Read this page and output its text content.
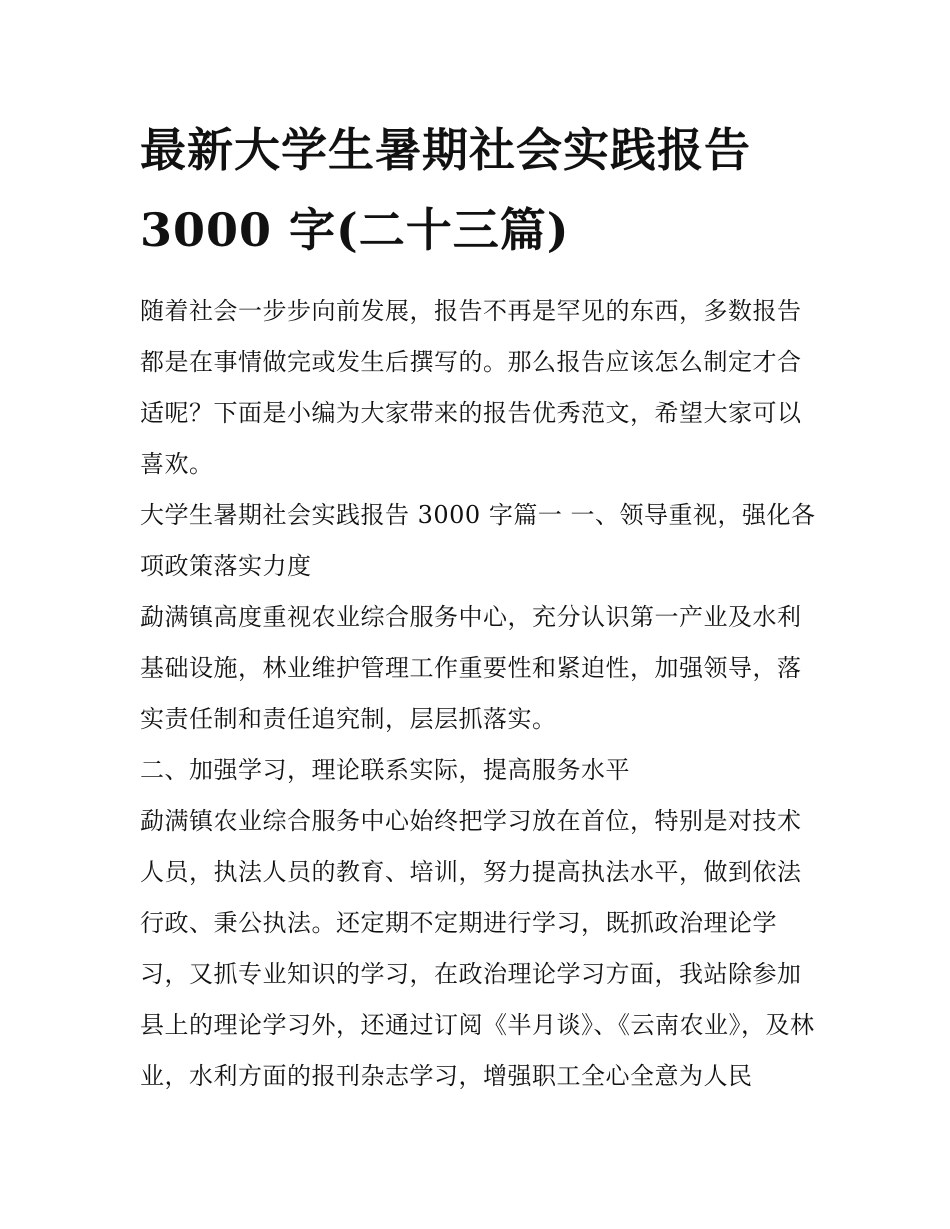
最新大学生暑期社会实践报告
3000 字(二十三篇)

随着社会一步步向前发展，报告不再是罕见的东西，多数报告都是在事情做完或发生后撰写的。那么报告应该怎么制定才合适呢？下面是小编为大家带来的报告优秀范文，希望大家可以喜欢。

大学生暑期社会实践报告 3000 字篇一 一、领导重视，强化各项政策落实力度

勐满镇高度重视农业综合服务中心，充分认识第一产业及水利基础设施，林业维护管理工作重要性和紧迫性，加强领导，落实责任制和责任追究制，层层抓落实。

二、加强学习，理论联系实际，提高服务水平

勐满镇农业综合服务中心始终把学习放在首位，特别是对技术人员，执法人员的教育、培训，努力提高执法水平，做到依法行政、秉公执法。还定期不定期进行学习，既抓政治理论学习，又抓专业知识的学习，在政治理论学习方面，我站除参加县上的理论学习外，还通过订阅《半月谈》、《云南农业》，及林业，水利方面的报刊杂志学习，增强职工全心全意为人民
